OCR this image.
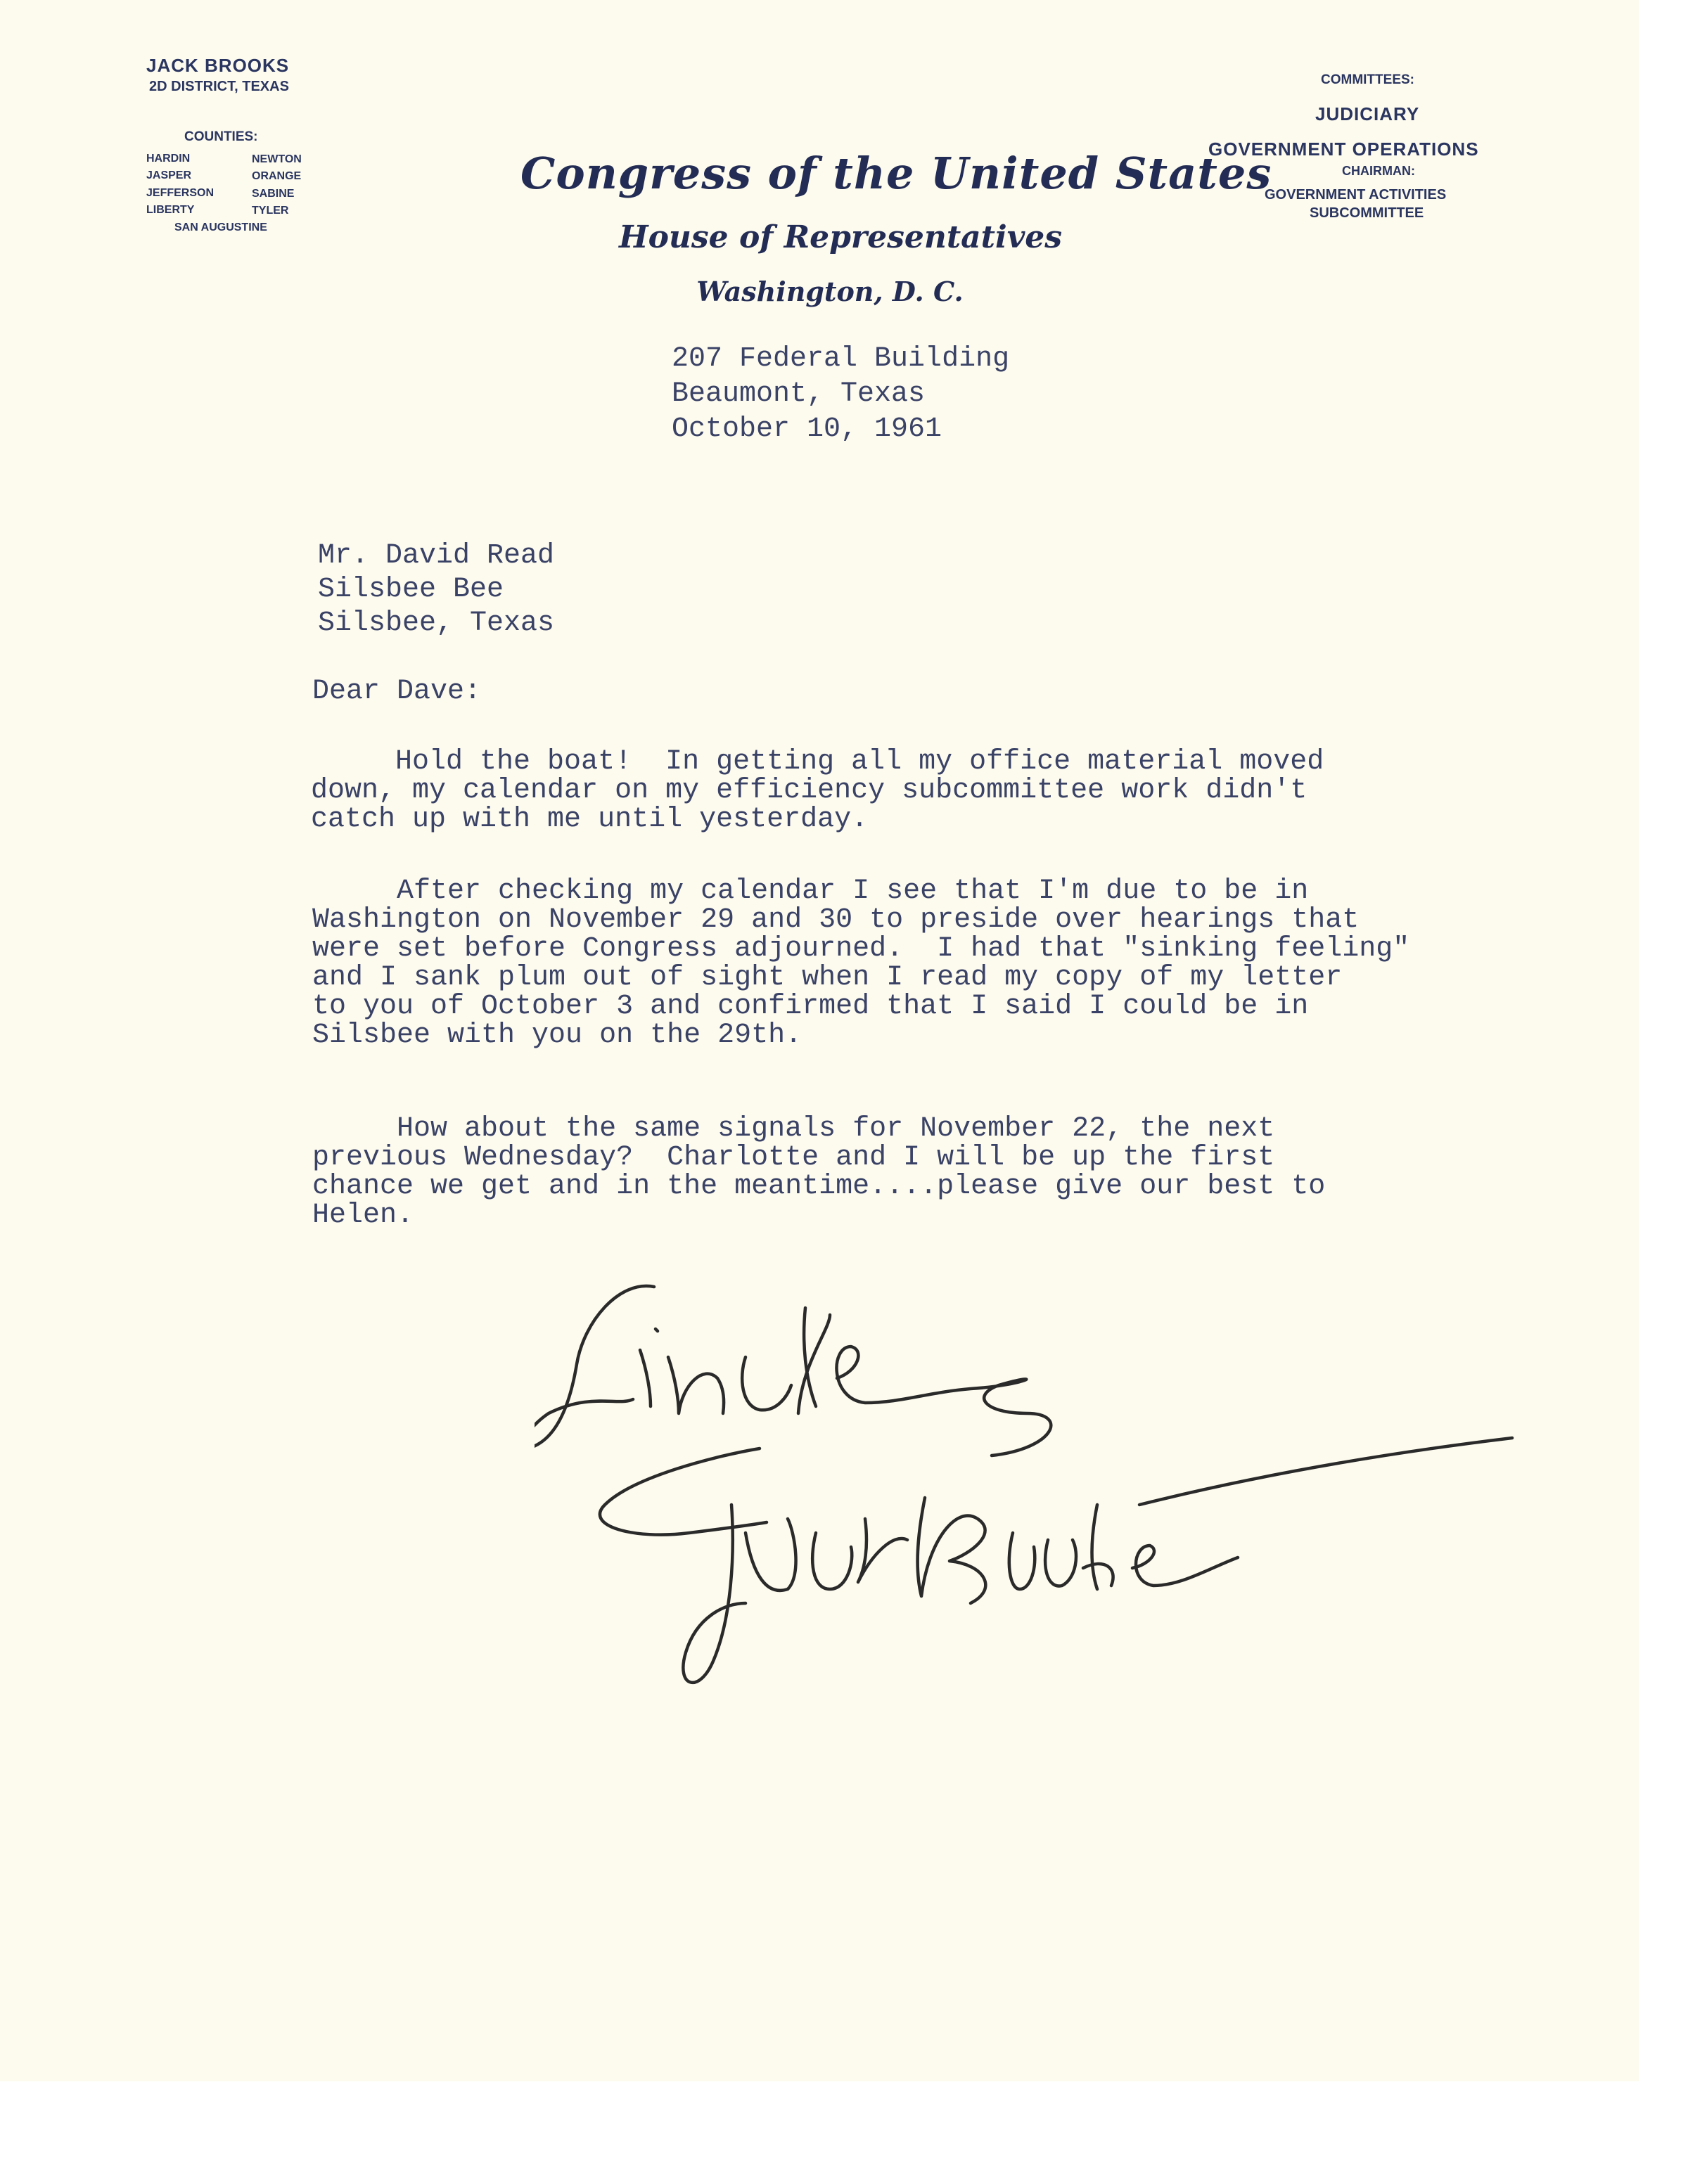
JACK BROOKS

2D DISTRICT, TEXAS

COUNTIES:

HARDIN	NEWTON

JASPER	ORANGE

JEFFERSON	SABINE

LIBERTY	TYLER

SAN AUGUSTINE

Congress of the United States
House of Representatives
Washington, D. C.

COMMITTEES:

JUDICIARY

GOVERNMENT OPERATIONS

CHAIRMAN:

GOVERNMENT ACTIVITIES

SUBCOMMITTEE

207 Federal Building

Beaumont, Texas

October 10, 1961

Mr. David Read

Silsbee Bee

Silsbee, Texas

Dear Dave:

Hold the boat!  In getting all my office material moved
down, my calendar on my efficiency subcommittee work didn't
catch up with me until yesterday.

After checking my calendar I see that I'm due to be in
Washington on November 29 and 30 to preside over hearings that
were set before Congress adjourned.  I had that "sinking feeling"
and I sank plum out of sight when I read my copy of my letter
to you of October 3 and confirmed that I said I could be in
Silsbee with you on the 29th.

How about the same signals for November 22, the next
previous Wednesday?  Charlotte and I will be up the first
chance we get and in the meantime....please give our best to
Helen.
